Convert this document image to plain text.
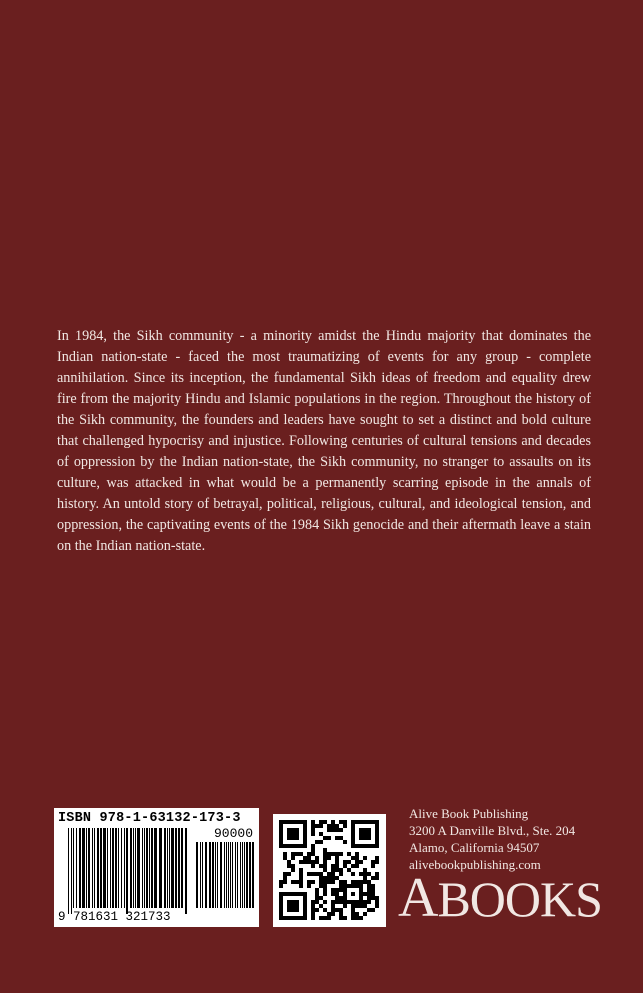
In 1984, the Sikh community - a minority amidst the Hindu majority that dominates the Indian nation-state - faced the most traumatizing of events for any group - complete annihilation. Since its inception, the fundamental Sikh ideas of freedom and equality drew fire from the majority Hindu and Islamic populations in the region. Throughout the history of the Sikh community, the founders and leaders have sought to set a distinct and bold culture that challenged hypocrisy and injustice. Following centuries of cultural tensions and decades of oppression by the Indian nation-state, the Sikh community, no stranger to assaults on its culture, was attacked in what would be a permanently scarring episode in the annals of history. An untold story of betrayal, political, religious, cultural, and ideological tension, and oppression, the captivating events of the 1984 Sikh genocide and their aftermath leave a stain on the Indian nation-state.

ISBN 978-1-63132-173-3
90000
9 781631 321733
Alive Book Publishing
3200 A Danville Blvd., Ste. 204
Alamo, California 94507
alivebookpublishing.com
ABOOKS
